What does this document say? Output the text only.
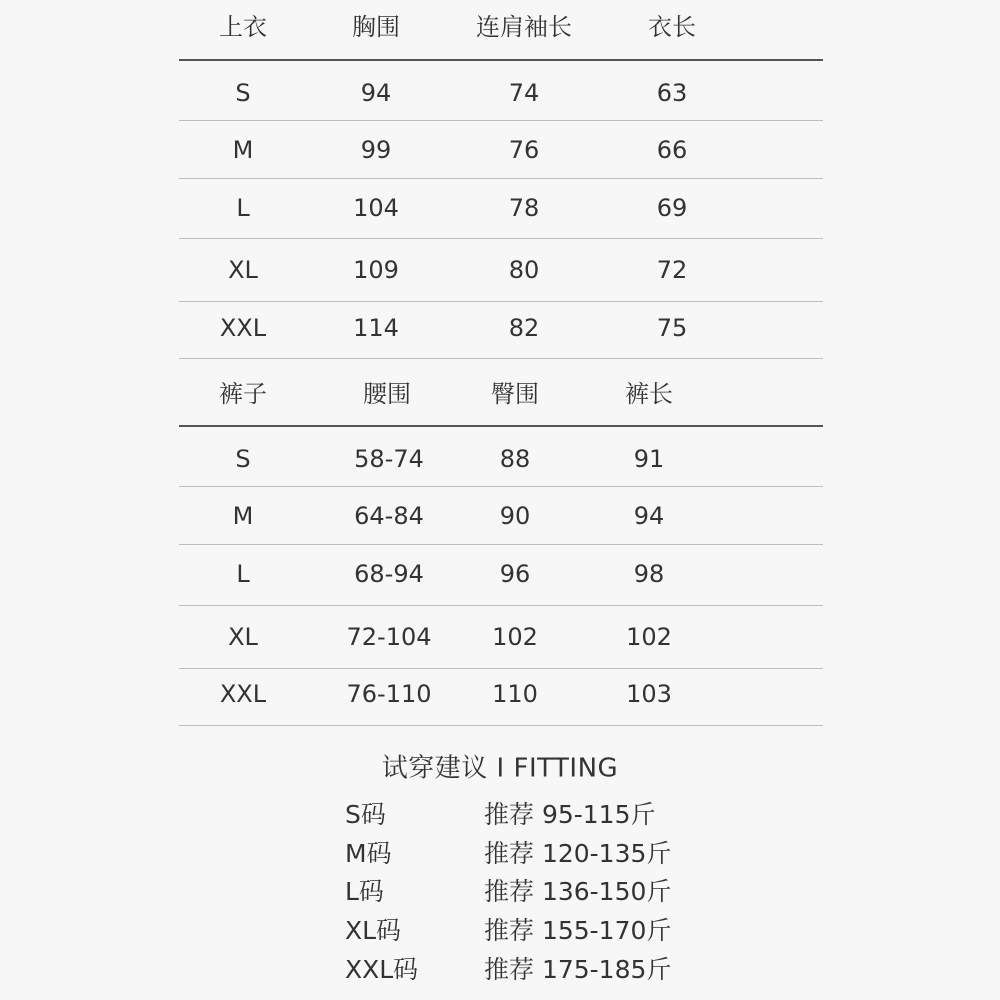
上衣	胸围	连肩袖长	衣长
S	94	74	63
M	99	76	66
L	104	78	69
XL	109	80	72
XXL	114	82	75
裤子	腰围	臀围	裤长
S	58-74	88	91
M	64-84	90	94
L	68-94	96	98
XL	72-104	102	102
XXL	76-110	110	103
试穿建议 I FITTING
S码	推荐 95-115斤
M码	推荐 120-135斤
L码	推荐 136-150斤
XL码	推荐 155-170斤
XXL码	推荐 175-185斤
